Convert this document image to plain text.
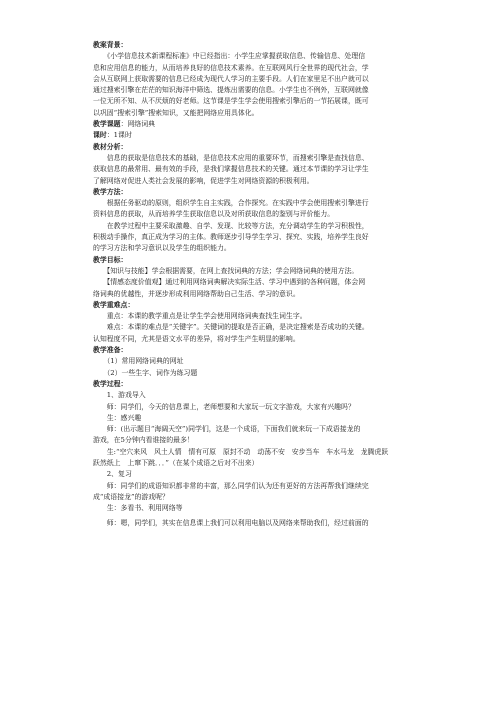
教案背景：
　　《小学信息技术新课程标准》中已经指出：小学生应掌握获取信息、传输信息、处理信
息和应用信息的能力，从而培养良好的信息技术素养。在互联网风行全世界的现代社会，学
会从互联网上获取需要的信息已经成为现代人学习的主要手段。人们在家里足不出户就可以
通过搜索引擎在茫茫的知识海洋中筛选、提炼出需要的信息。小学生也不例外，互联网就像
一位无所不知、从不厌烦的好老师。这节课是学生学会使用搜索引擎后的一节拓展课，既可
以巩固“搜索引擎”搜索知识，又能把网络应用具体化。
教学课题：网络词典
课时：1课时
教材分析：
　　信息的获取是信息技术的基础，是信息技术应用的重要环节，而搜索引擎是查找信息、
获取信息的最常用、最有效的手段，是我们掌握信息技术的关键。通过本节课的学习让学生
了解网络对促进人类社会发展的影响，促进学生对网络资源的积极利用。
教学方法：
　　根据任务驱动的原则，组织学生自主实践，合作探究。在实践中学会使用搜索引擎进行
资料信息的获取，从而培养学生获取信息以及对所获取信息的鉴别与评价能力。
　　在教学过程中主要采取激趣、自学、发现、比较等方法，充分调动学生的学习积极性，
积极动手操作，真正成为学习的主体。教师逐步引导学生学习、探究、实践，培养学生良好
的学习方法和学习意识以及学生的组织能力。
教学目标：
　　【知识与技能】学会根据需要，在网上查找词典的方法；学会网络词典的使用方法。
　　【情感态度价值观】通过利用网络词典解决实际生活、学习中遇到的各种问题，体会网
络词典的优越性，并逐步形成利用网络帮助自己生活、学习的意识。
教学重难点：
　　重点：本课的教学重点是让学生学会使用网络词典查找生词生字。
　　难点：本课的难点是“关键字”。关键词的提取是否正确，是决定搜索是否成功的关键。
认知程度不同，尤其是语文水平的差异，将对学生产生明显的影响。
教学准备：
　　（1）常用网络词典的网址
　　（2）一些生字、词作为练习题
教学过程：
　　1、游戏导入
　　师：同学们，今天的信息课上，老师想要和大家玩一玩文字游戏，大家有兴趣吗？
　　生：感兴趣
　　师：(出示题目“海阔天空”)同学们，这是一个成语，下面我们就来玩一下成语接龙的
游戏，在5分钟内看谁接的最多！
　　生:“空穴来风　风土人情　情有可原　原封不动　动荡不安　安步当车　车水马龙　龙腾虎跃
跃然纸上　上窜下跳．．．”（在某个成语之后对不出来）
　　2、复习
　　师：同学们的成语知识都非常的丰富，那么同学们认为还有更好的方法再帮我们继续完
成“成语接龙”的游戏呢？
　　生：多看书、利用网络等
　　师：嗯，同学们，其实在信息课上我们可以利用电脑以及网络来帮助我们，经过前面的
